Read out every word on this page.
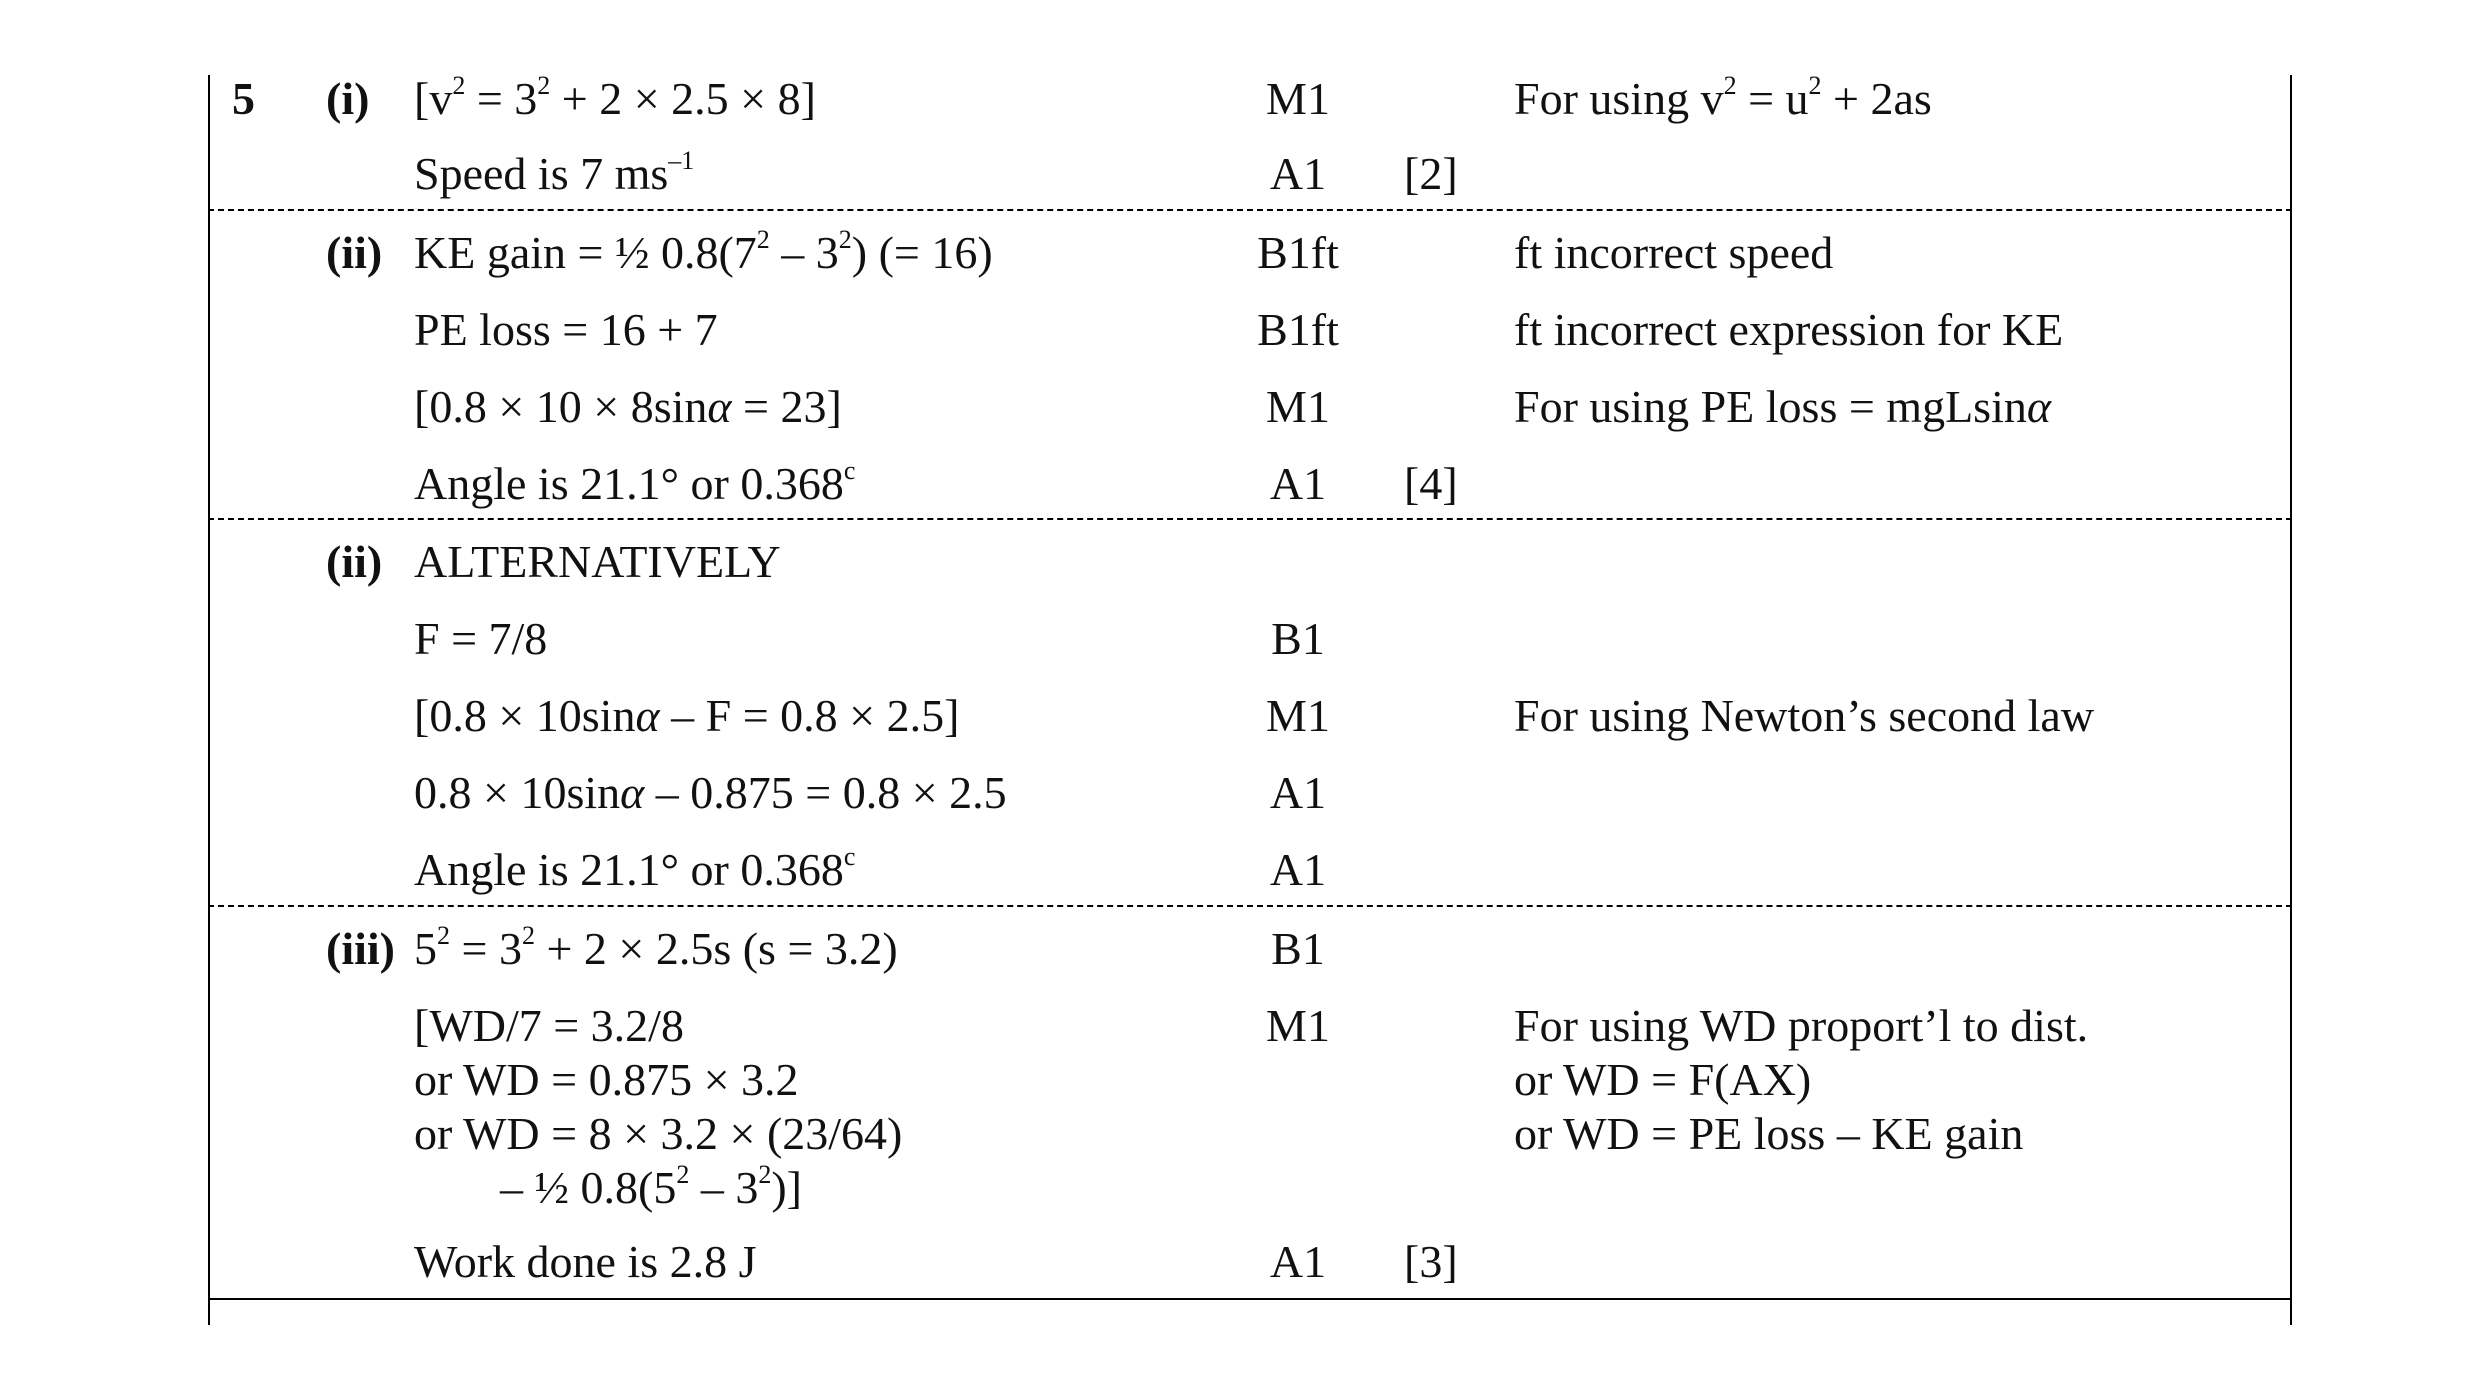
5 (i) $[v^2 = 3^2 + 2 \times 2.5 \times 8]$	M1	For using $v^2 = u^2 + 2as$
Speed is 7 $ms^{-1}$	A1	[2]
(ii) KE gain = ½ $0.8(7^2 - 3^2)$ (= 16)	B1ft	ft incorrect speed
PE loss = 16 + 7	B1ft	ft incorrect expression for KE
[0.8 × 10 × 8sinα = 23]	M1	For using PE loss = mgLsinα
Angle is 21.1° or 0.368$^c$	A1	[4]
(ii) ALTERNATIVELY
F = 7/8	B1
[0.8 × 10sinα – F = 0.8 × 2.5]	M1	For using Newton’s second law
0.8 × 10sinα – 0.875 = 0.8 × 2.5	A1
Angle is 21.1° or 0.368$^c$	A1
(iii) $5^2 = 3^2 + 2 \times 2.5s$ (s = 3.2)	B1
[WD/7 = 3.2/8
or WD = 0.875 × 3.2
or WD = 8 × 3.2 × (23/64)
– ½ $0.8(5^2 - 3^2)$]
M1	For using WD proport’l to dist.
or WD = F(AX)
or WD = PE loss – KE gain
Work done is 2.8 J	A1	[3]
